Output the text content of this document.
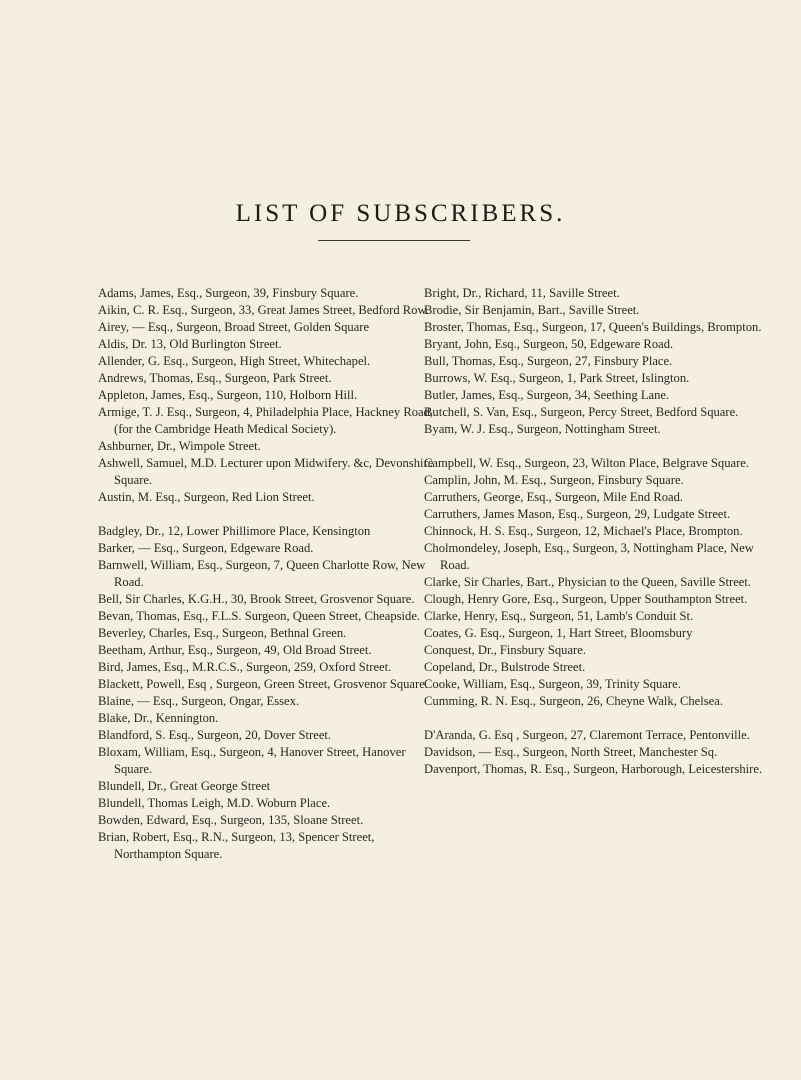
LIST OF SUBSCRIBERS.
Adams, James, Esq., Surgeon, 39, Finsbury Square.
Aikin, C. R. Esq., Surgeon, 33, Great James Street, Bedford Row.
Airey, — Esq., Surgeon, Broad Street, Golden Square
Aldis, Dr. 13, Old Burlington Street.
Allender, G. Esq., Surgeon, High Street, Whitechapel.
Andrews, Thomas, Esq., Surgeon, Park Street.
Appleton, James, Esq., Surgeon, 110, Holborn Hill.
Armige, T. J. Esq., Surgeon, 4, Philadelphia Place, Hackney Road, (for the Cambridge Heath Medical Society).
Ashburner, Dr., Wimpole Street.
Ashwell, Samuel, M.D. Lecturer upon Midwifery. &c, Devonshire Square.
Austin, M. Esq., Surgeon, Red Lion Street.
Badgley, Dr., 12, Lower Phillimore Place, Kensington
Barker, — Esq., Surgeon, Edgeware Road.
Barnwell, William, Esq., Surgeon, 7, Queen Charlotte Row, New Road.
Bell, Sir Charles, K.G.H., 30, Brook Street, Grosvenor Square.
Bevan, Thomas, Esq., F.L.S. Surgeon, Queen Street, Cheapside.
Beverley, Charles, Esq., Surgeon, Bethnal Green.
Beetham, Arthur, Esq., Surgeon, 49, Old Broad Street.
Bird, James, Esq., M.R.C.S., Surgeon, 259, Oxford Street.
Blackett, Powell, Esq , Surgeon, Green Street, Grosvenor Square.
Blaine, — Esq., Surgeon, Ongar, Essex.
Blake, Dr., Kennington.
Blandford, S. Esq., Surgeon, 20, Dover Street.
Bloxam, William, Esq., Surgeon, 4, Hanover Street, Hanover Square.
Blundell, Dr., Great George Street
Blundell, Thomas Leigh, M.D. Woburn Place.
Bowden, Edward, Esq., Surgeon, 135, Sloane Street.
Brian, Robert, Esq., R.N., Surgeon, 13, Spencer Street, Northampton Square.
Bright, Dr., Richard, 11, Saville Street.
Brodie, Sir Benjamin, Bart., Saville Street.
Broster, Thomas, Esq., Surgeon, 17, Queen's Buildings, Brompton.
Bryant, John, Esq., Surgeon, 50, Edgeware Road.
Bull, Thomas, Esq., Surgeon, 27, Finsbury Place.
Burrows, W. Esq., Surgeon, 1, Park Street, Islington.
Butler, James, Esq., Surgeon, 34, Seething Lane.
Butchell, S. Van, Esq., Surgeon, Percy Street, Bedford Square.
Byam, W. J. Esq., Surgeon, Nottingham Street.
Campbell, W. Esq., Surgeon, 23, Wilton Place, Belgrave Square.
Camplin, John, M. Esq., Surgeon, Finsbury Square.
Carruthers, George, Esq., Surgeon, Mile End Road.
Carruthers, James Mason, Esq., Surgeon, 29, Ludgate Street.
Chinnock, H. S. Esq., Surgeon, 12, Michael's Place, Brompton.
Cholmondeley, Joseph, Esq., Surgeon, 3, Nottingham Place, New Road.
Clarke, Sir Charles, Bart., Physician to the Queen, Saville Street.
Clough, Henry Gore, Esq., Surgeon, Upper Southampton Street.
Clarke, Henry, Esq., Surgeon, 51, Lamb's Conduit St.
Coates, G. Esq., Surgeon, 1, Hart Street, Bloomsbury
Conquest, Dr., Finsbury Square.
Copeland, Dr., Bulstrode Street.
Cooke, William, Esq., Surgeon, 39, Trinity Square.
Cumming, R. N. Esq., Surgeon, 26, Cheyne Walk, Chelsea.
D'Aranda, G. Esq , Surgeon, 27, Claremont Terrace, Pentonville.
Davidson, — Esq., Surgeon, North Street, Manchester Sq.
Davenport, Thomas, R. Esq., Surgeon, Harborough, Leicestershire.
